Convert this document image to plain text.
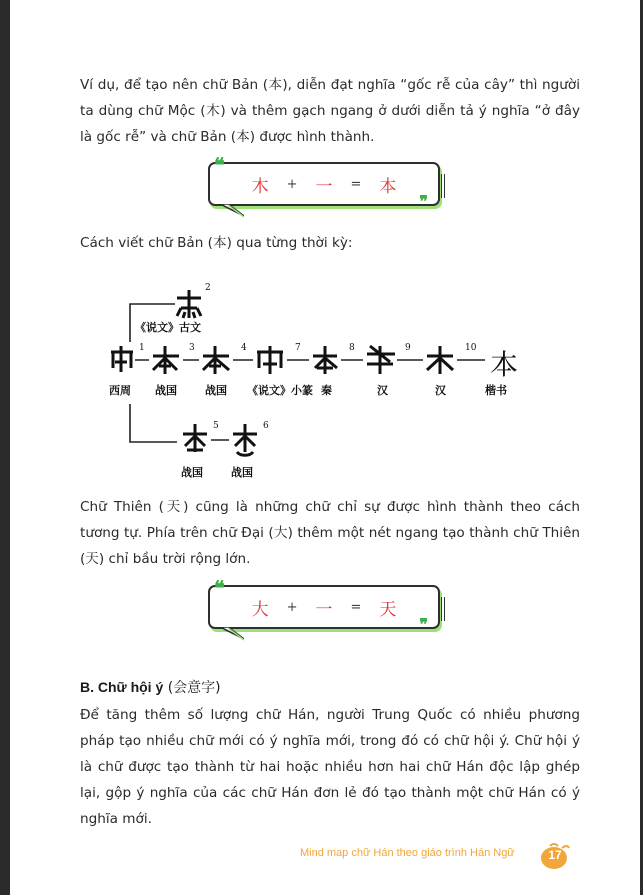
Ví dụ, để tạo nên chữ Bản (本), diễn đạt nghĩa “gốc rễ của cây” thì người ta dùng chữ Mộc (木) và thêm gạch ngang ở dưới diễn tả ý nghĩa “ở đây là gốc rễ” và chữ Bản (本) được hình thành.

❝
木 + 一 = 本
❞

Cách viết chữ Bản (本) qua từng thời kỳ:

2
《说文》古文
本
1	3	4	7	8	9	10
西周 战国	战国 《说文》小篆 秦	汉	汉	楷书
5	6
战国	战国

Chữ Thiên (天) cũng là những chữ chỉ sự được hình thành theo cách tương tự. Phía trên chữ Đại (大) thêm một nét ngang tạo thành chữ Thiên (天) chỉ bầu trời rộng lớn.

❝
大 + 一 = 天
❞
B. Chữ hội ý (会意字)

Để tăng thêm số lượng chữ Hán, người Trung Quốc có nhiều phương pháp tạo nhiều chữ mới có ý nghĩa mới, trong đó có chữ hội ý. Chữ hội ý là chữ được tạo thành từ hai hoặc nhiều hơn hai chữ Hán độc lập ghép lại, gộp ý nghĩa của các chữ Hán đơn lẻ đó tạo thành một chữ Hán có ý nghĩa mới.

Mind map chữ Hán theo giáo trình Hán Ngữ	17
